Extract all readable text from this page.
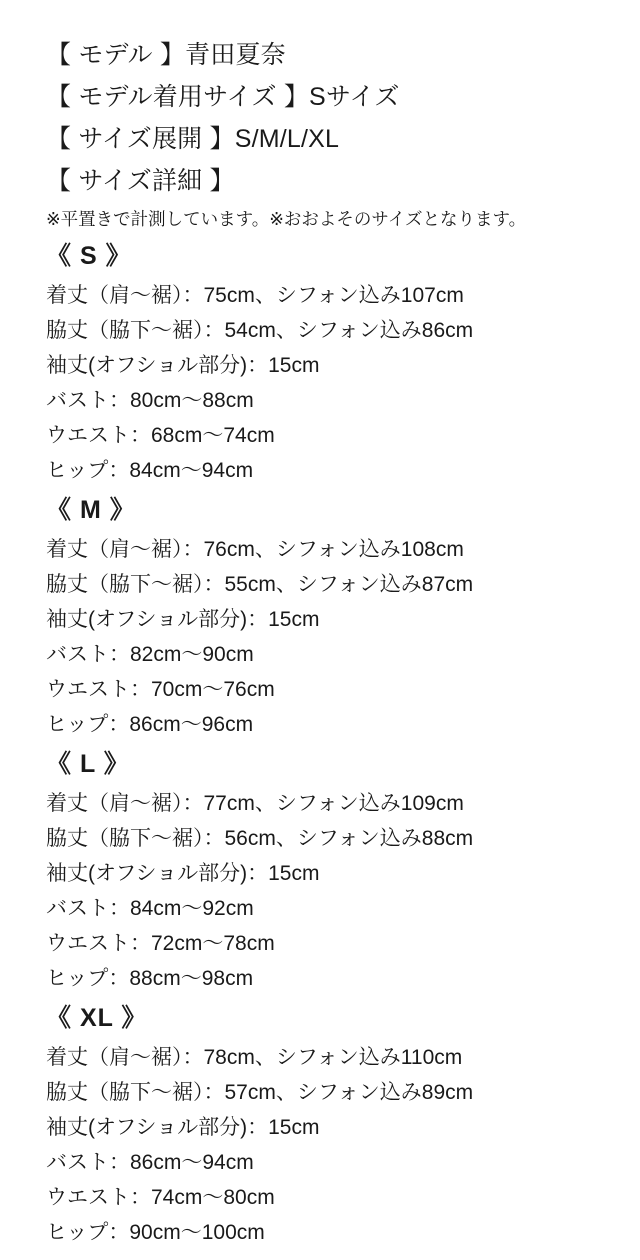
【 モデル 】青田夏奈
【 モデル着用サイズ 】Sサイズ
【 サイズ展開 】S/M/L/XL
【 サイズ詳細 】
※平置きで計測しています。※おおよそのサイズとなります。
《 S 》
着丈（肩〜裾）：75cm、シフォン込み107cm
脇丈（脇下〜裾）：54cm、シフォン込み86cm
袖丈(オフショル部分)：15cm
バスト：80cm〜88cm
ウエスト：68cm〜74cm
ヒップ：84cm〜94cm
《 M 》
着丈（肩〜裾）：76cm、シフォン込み108cm
脇丈（脇下〜裾）：55cm、シフォン込み87cm
袖丈(オフショル部分)：15cm
バスト：82cm〜90cm
ウエスト：70cm〜76cm
ヒップ：86cm〜96cm
《 L 》
着丈（肩〜裾）：77cm、シフォン込み109cm
脇丈（脇下〜裾）：56cm、シフォン込み88cm
袖丈(オフショル部分)：15cm
バスト：84cm〜92cm
ウエスト：72cm〜78cm
ヒップ：88cm〜98cm
《 XL 》
着丈（肩〜裾）：78cm、シフォン込み110cm
脇丈（脇下〜裾）：57cm、シフォン込み89cm
袖丈(オフショル部分)：15cm
バスト：86cm〜94cm
ウエスト：74cm〜80cm
ヒップ：90cm〜100cm
